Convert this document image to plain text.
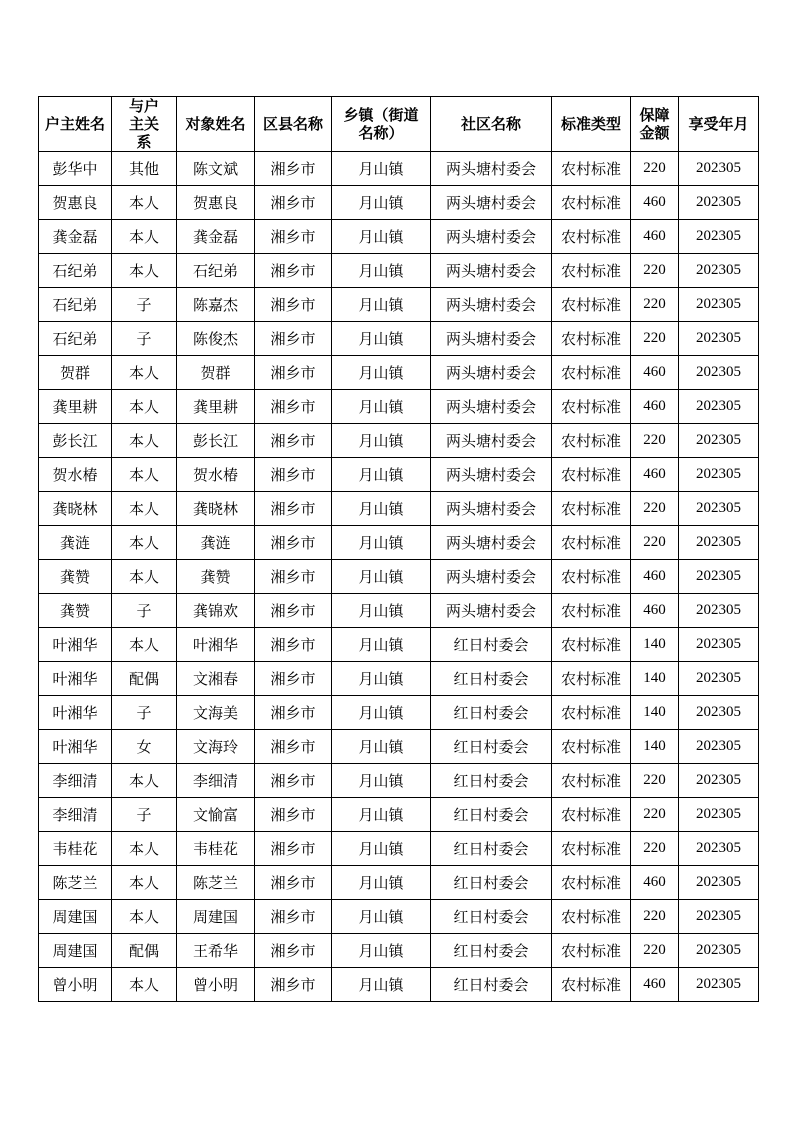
户主姓名	与户主关系	对象姓名	区县名称	乡镇（街道名称）	社区名称	标准类型	保障金额	享受年月
彭华中	其他	陈文斌	湘乡市	月山镇	两头塘村委会	农村标准	220	202305
贺惠良	本人	贺惠良	湘乡市	月山镇	两头塘村委会	农村标准	460	202305
龚金磊	本人	龚金磊	湘乡市	月山镇	两头塘村委会	农村标准	460	202305
石纪弟	本人	石纪弟	湘乡市	月山镇	两头塘村委会	农村标准	220	202305
石纪弟	子	陈嘉杰	湘乡市	月山镇	两头塘村委会	农村标准	220	202305
石纪弟	子	陈俊杰	湘乡市	月山镇	两头塘村委会	农村标准	220	202305
贺群	本人	贺群	湘乡市	月山镇	两头塘村委会	农村标准	460	202305
龚里耕	本人	龚里耕	湘乡市	月山镇	两头塘村委会	农村标准	460	202305
彭长江	本人	彭长江	湘乡市	月山镇	两头塘村委会	农村标准	220	202305
贺水椿	本人	贺水椿	湘乡市	月山镇	两头塘村委会	农村标准	460	202305
龚晓林	本人	龚晓林	湘乡市	月山镇	两头塘村委会	农村标准	220	202305
龚涟	本人	龚涟	湘乡市	月山镇	两头塘村委会	农村标准	220	202305
龚赞	本人	龚赞	湘乡市	月山镇	两头塘村委会	农村标准	460	202305
龚赞	子	龚锦欢	湘乡市	月山镇	两头塘村委会	农村标准	460	202305
叶湘华	本人	叶湘华	湘乡市	月山镇	红日村委会	农村标准	140	202305
叶湘华	配偶	文湘春	湘乡市	月山镇	红日村委会	农村标准	140	202305
叶湘华	子	文海美	湘乡市	月山镇	红日村委会	农村标准	140	202305
叶湘华	女	文海玲	湘乡市	月山镇	红日村委会	农村标准	140	202305
李细清	本人	李细清	湘乡市	月山镇	红日村委会	农村标准	220	202305
李细清	子	文愉富	湘乡市	月山镇	红日村委会	农村标准	220	202305
韦桂花	本人	韦桂花	湘乡市	月山镇	红日村委会	农村标准	220	202305
陈芝兰	本人	陈芝兰	湘乡市	月山镇	红日村委会	农村标准	460	202305
周建国	本人	周建国	湘乡市	月山镇	红日村委会	农村标准	220	202305
周建国	配偶	王希华	湘乡市	月山镇	红日村委会	农村标准	220	202305
曾小明	本人	曾小明	湘乡市	月山镇	红日村委会	农村标准	460	202305
